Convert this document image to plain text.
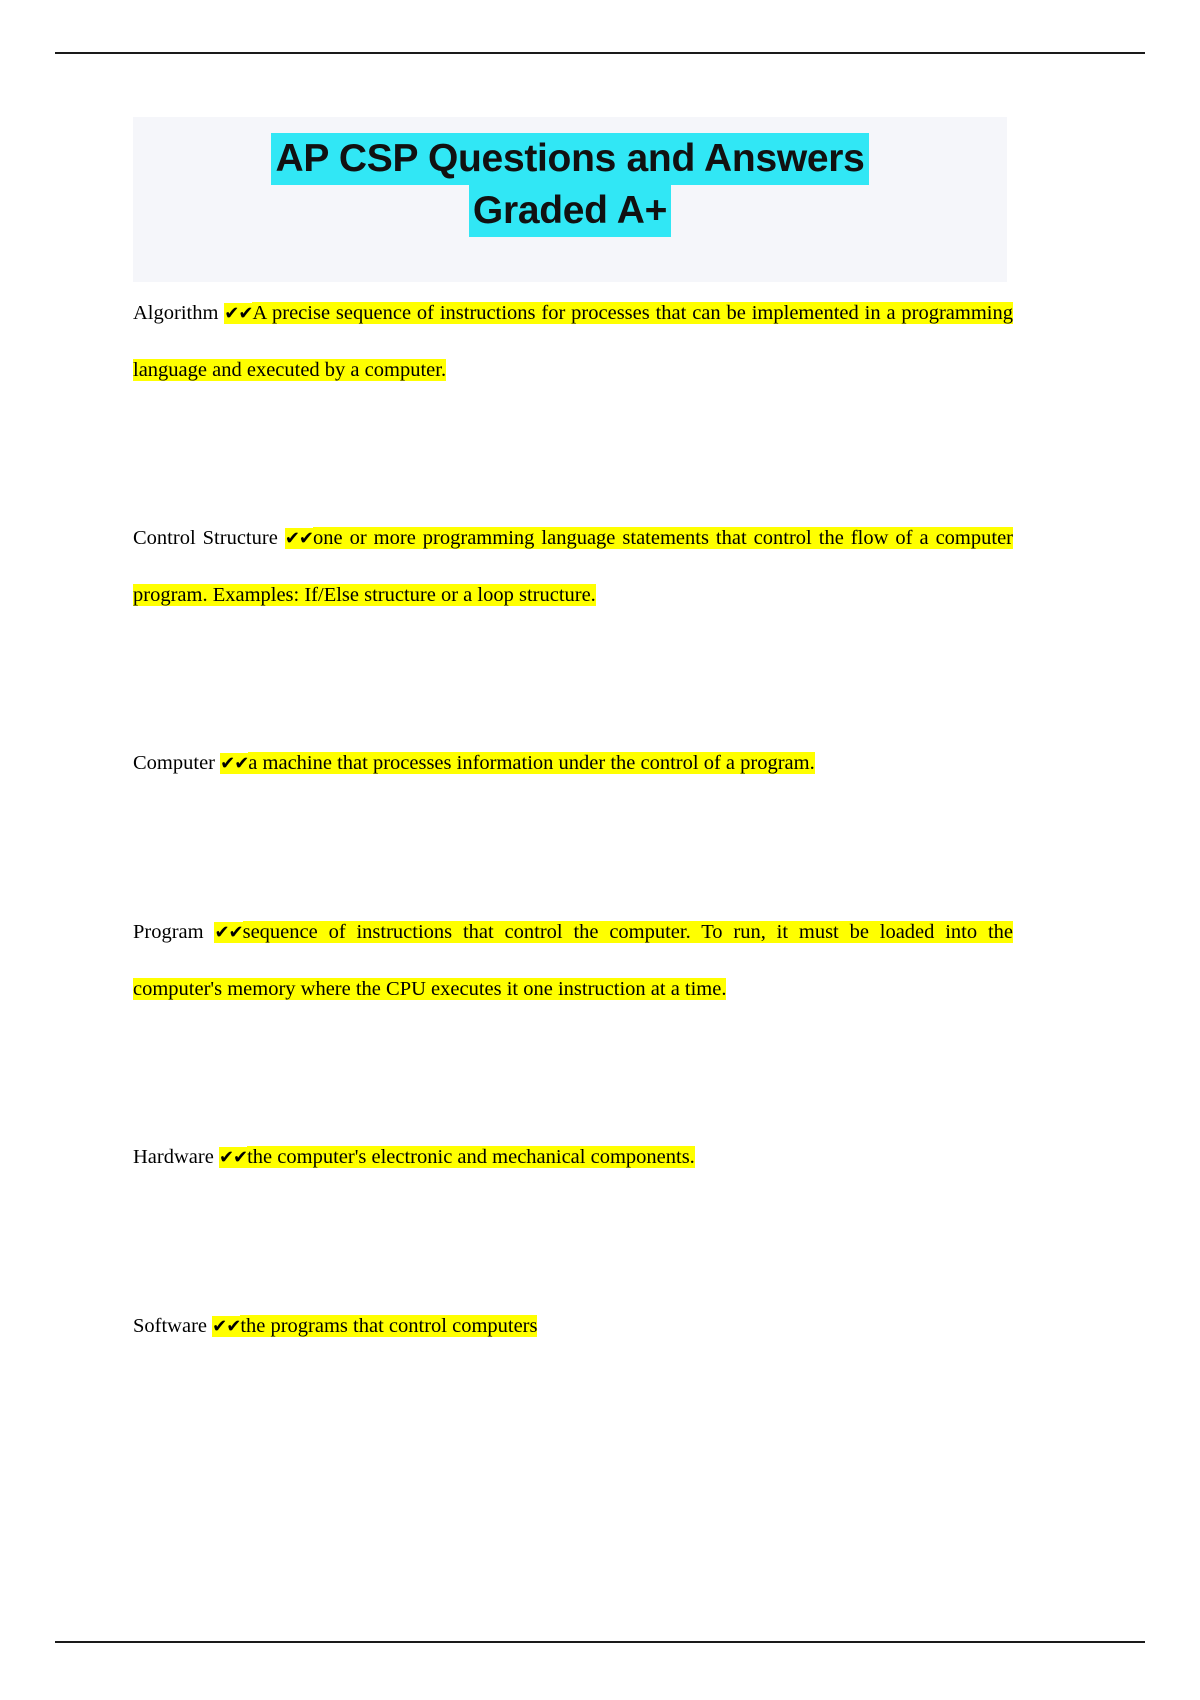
AP CSP Questions and Answers
Graded A+

Algorithm ✔✔A precise sequence of instructions for processes that can be implemented in a programming language and executed by a computer.

Control Structure ✔✔one or more programming language statements that control the flow of a computer program. Examples: If/Else structure or a loop structure.

Computer ✔✔a machine that processes information under the control of a program.

Program ✔✔sequence of instructions that control the computer. To run, it must be loaded into the computer's memory where the CPU executes it one instruction at a time.

Hardware ✔✔the computer's electronic and mechanical components.

Software ✔✔the programs that control computers
